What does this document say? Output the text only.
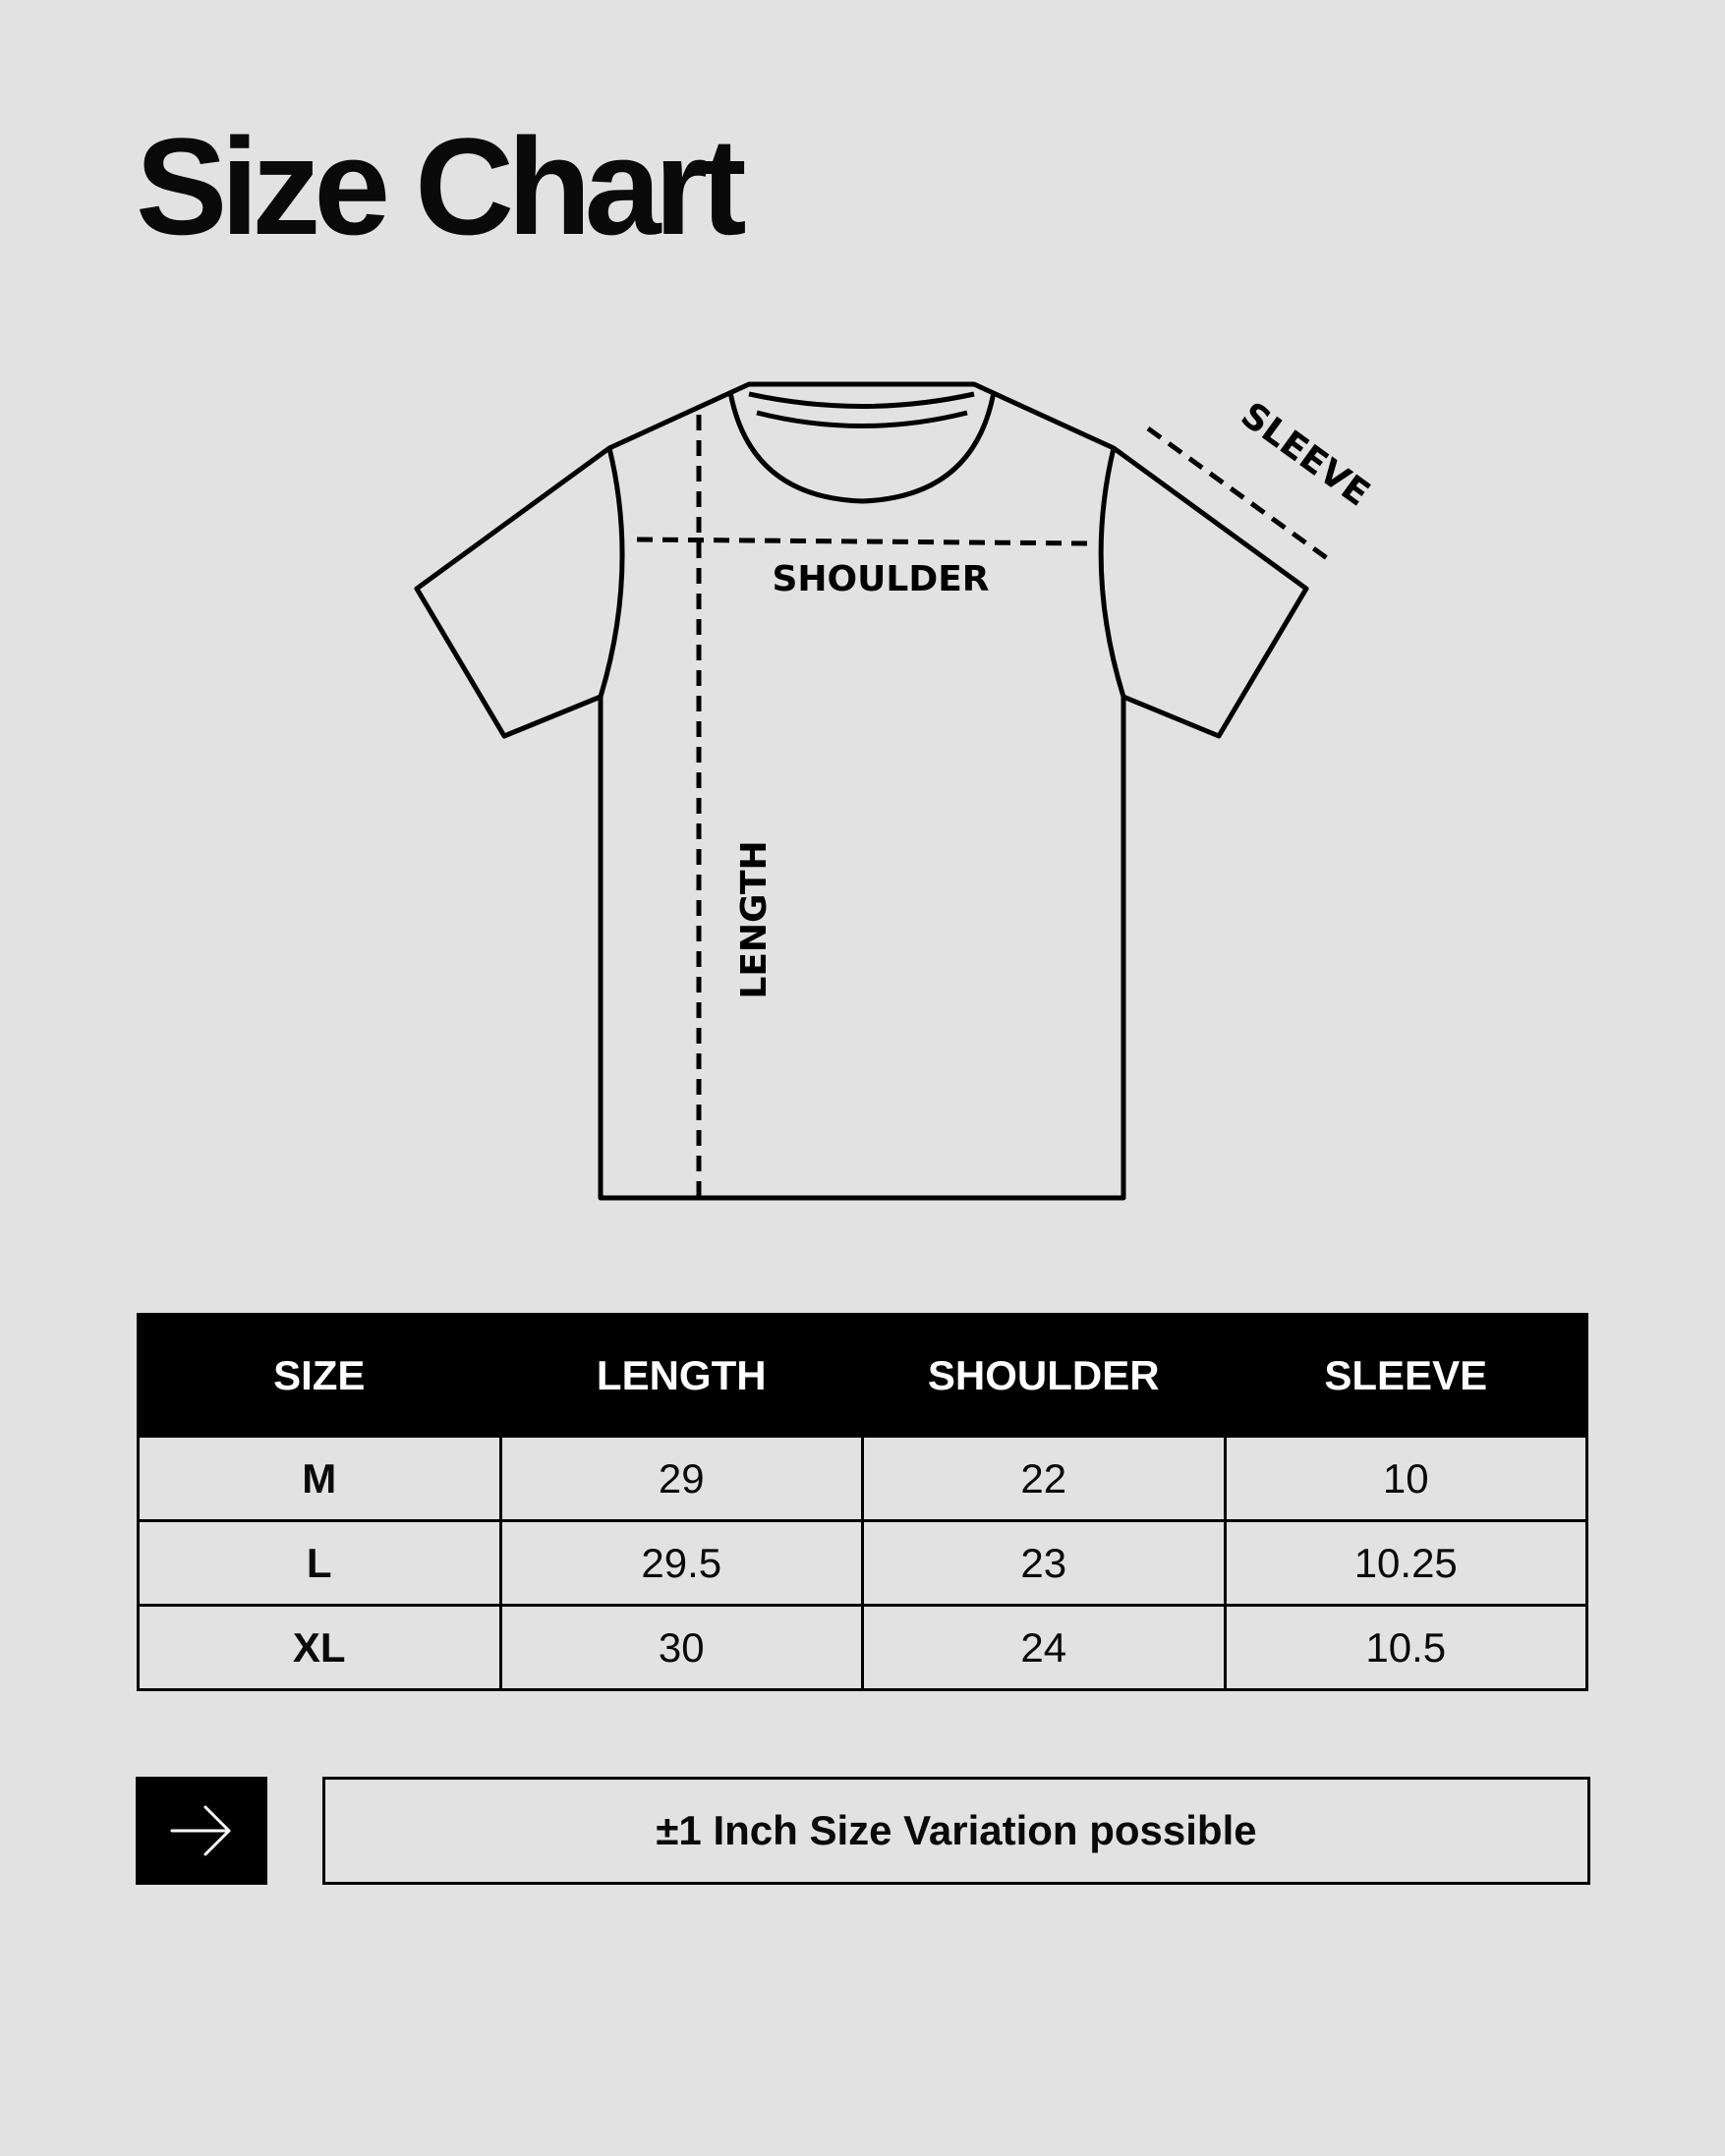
Size Chart
SHOULDER
LENGTH
SLEEVE
SIZE	LENGTH	SHOULDER	SLEEVE
M	29	22	10
L	29.5	23	10.25
XL	30	24	10.5
±1 Inch Size Variation possible
